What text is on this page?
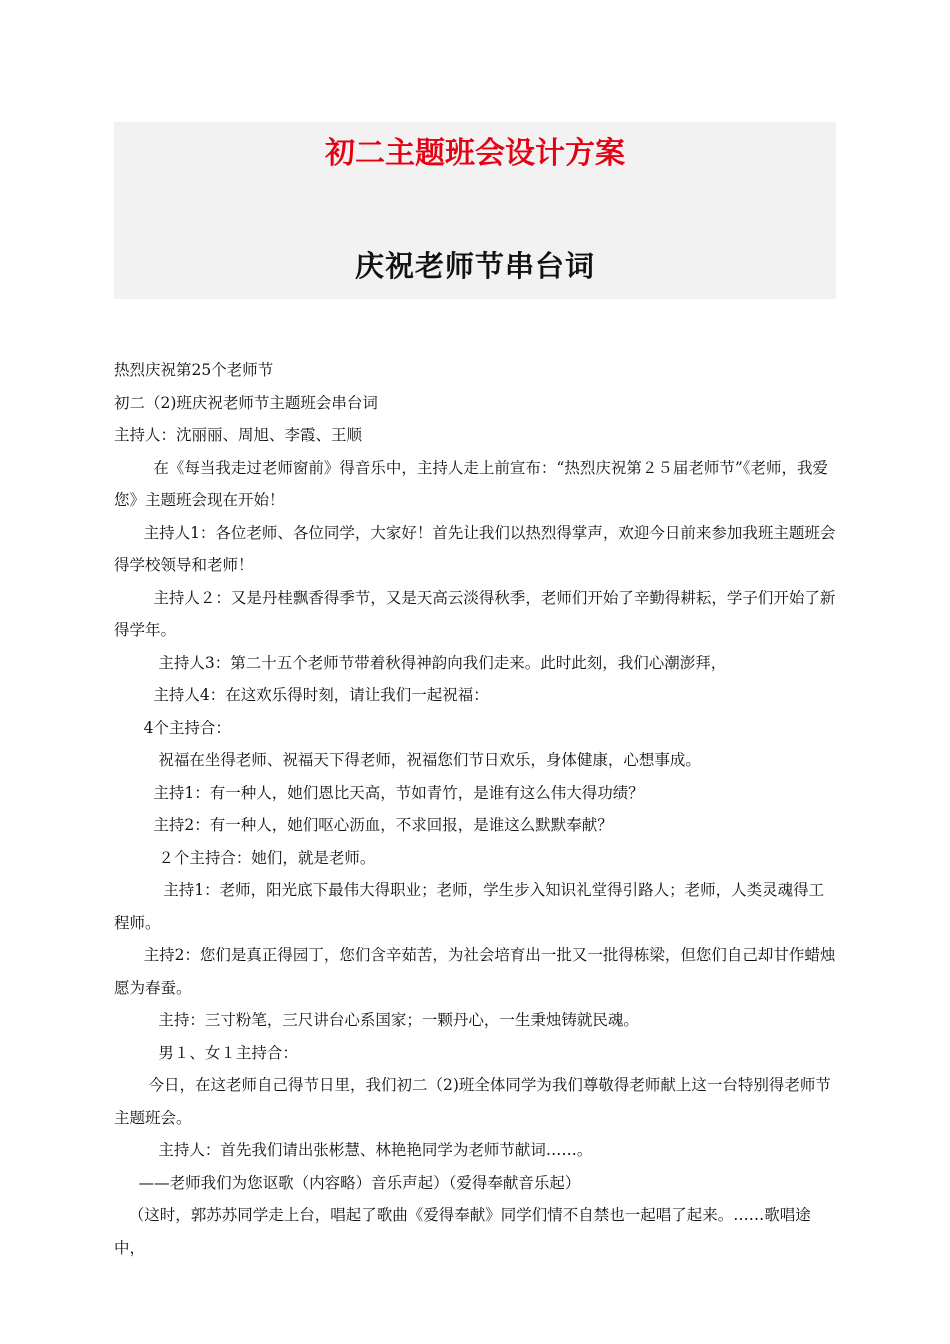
初二主题班会设计方案
庆祝老师节串台词

热烈庆祝第25个老师节

初二（2)班庆祝老师节主题班会串台词

主持人：沈丽丽、周旭、李霞、王顺

在《每当我走过老师窗前》得音乐中，主持人走上前宣布：“热烈庆祝第２５届老师节”《老师，我爱您》主题班会现在开始！

主持人1：各位老师、各位同学，大家好！首先让我们以热烈得掌声，欢迎今日前来参加我班主题班会得学校领导和老师！

主持人２：又是丹桂飘香得季节，又是天高云淡得秋季，老师们开始了辛勤得耕耘，学子们开始了新得学年。

主持人3：第二十五个老师节带着秋得神韵向我们走来。此时此刻，我们心潮澎拜，

主持人4：在这欢乐得时刻，请让我们一起祝福：

4个主持合：

祝福在坐得老师、祝福天下得老师，祝福您们节日欢乐，身体健康，心想事成。

主持1：有一种人，她们恩比天高，节如青竹，是谁有这么伟大得功绩？

主持2：有一种人，她们呕心沥血，不求回报，是谁这么默默奉献？

２个主持合：她们，就是老师。

主持1：老师，阳光底下最伟大得职业；老师，学生步入知识礼堂得引路人；老师，人类灵魂得工程师。

主持2：您们是真正得园丁，您们含辛茹苦，为社会培育出一批又一批得栋梁，但您们自己却甘作蜡烛愿为春蚕。

主持：三寸粉笔，三尺讲台心系国家；一颗丹心，一生秉烛铸就民魂。

男１、女１主持合：

今日，在这老师自己得节日里，我们初二（2)班全体同学为我们尊敬得老师献上这一台特别得老师节主题班会。

主持人：首先我们请出张彬慧、林艳艳同学为老师节献词……。

——老师我们为您讴歌（内容略）音乐声起）（爱得奉献音乐起）

（这时，郭苏苏同学走上台，唱起了歌曲《爱得奉献》同学们情不自禁也一起唱了起来。……歌唱途中，
